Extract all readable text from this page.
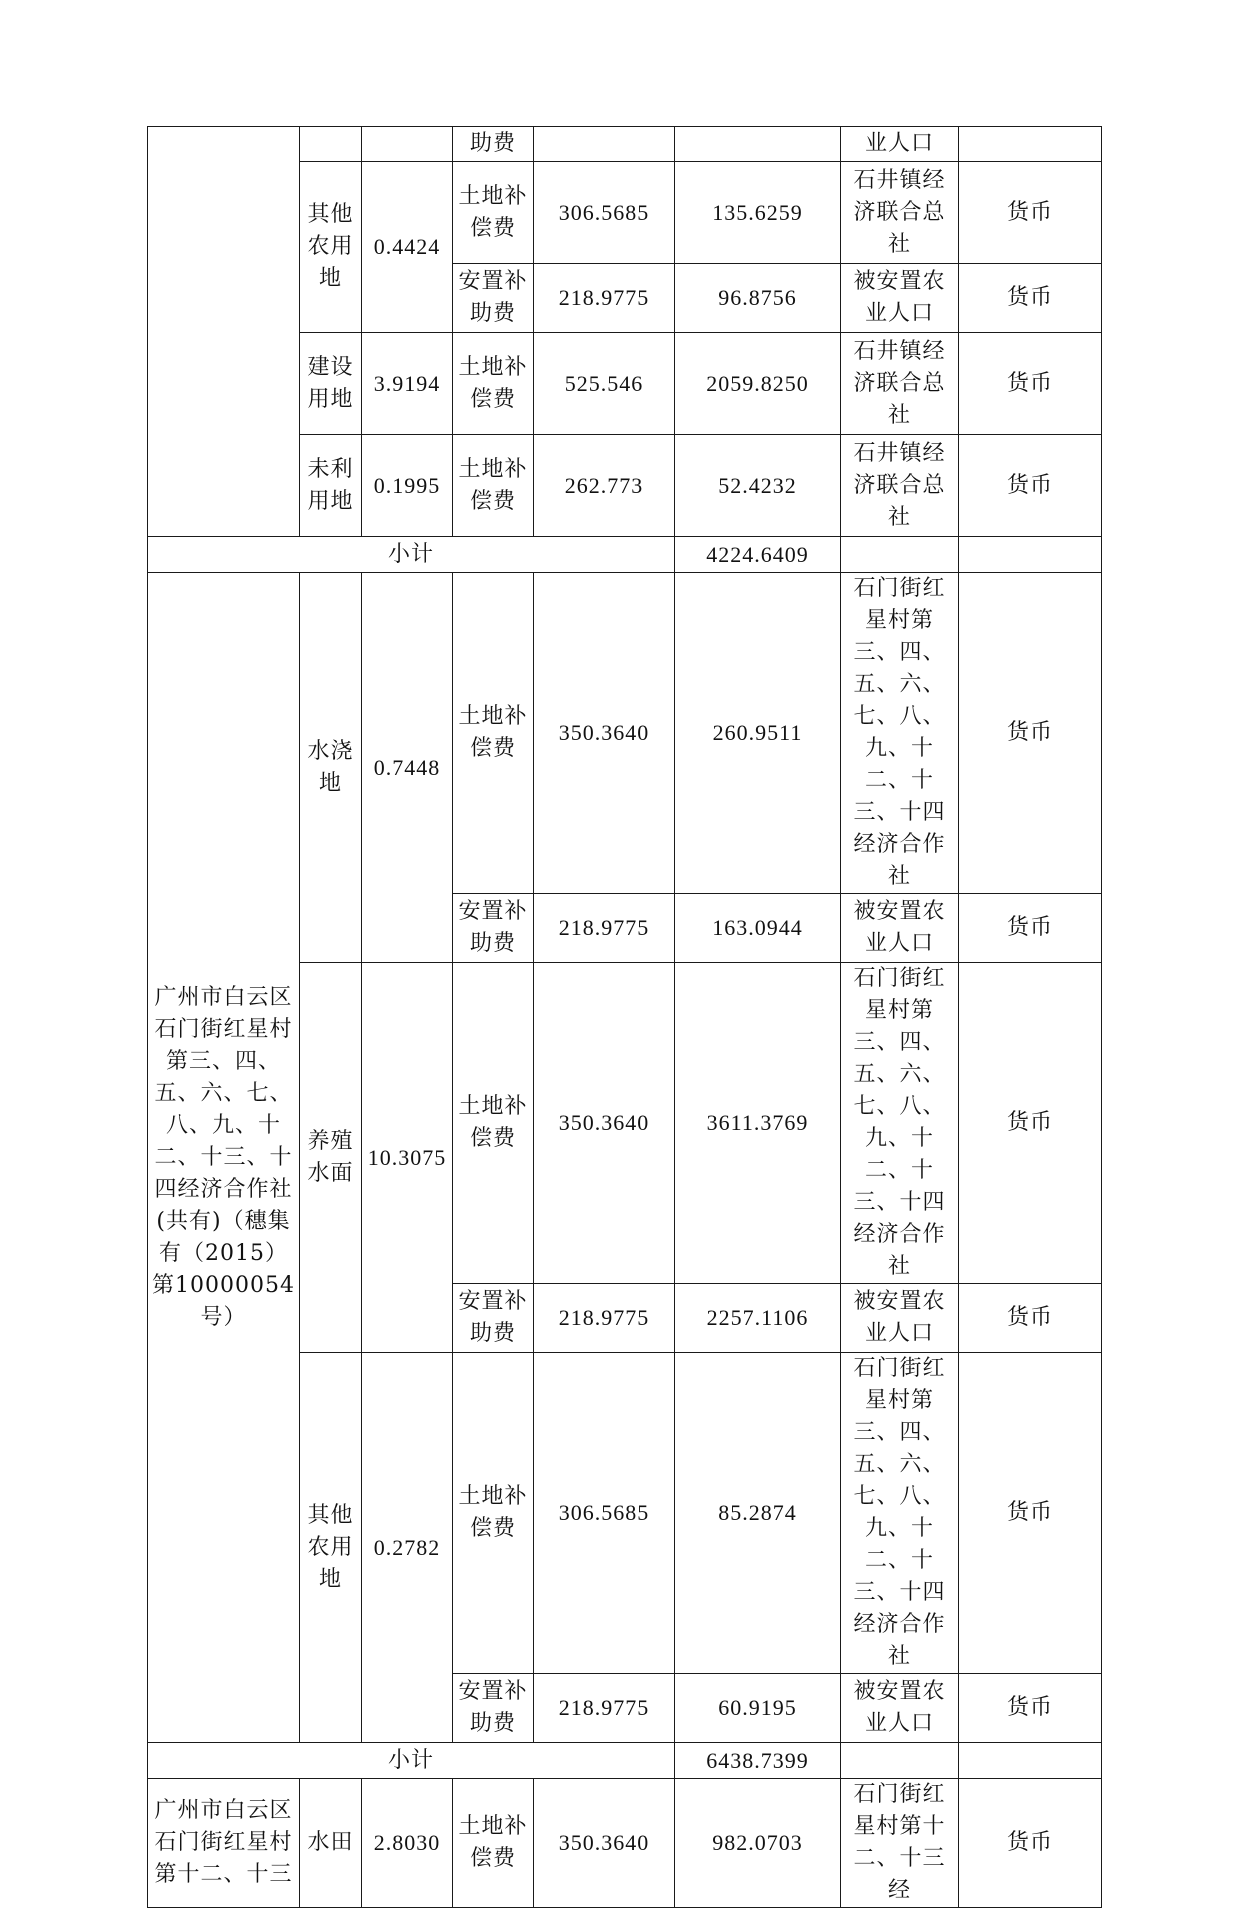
			助费			业人口	
	其他农用地	0.4424	土地补偿费	306.5685	135.6259	石井镇经济联合总社	货币
			安置补助费	218.9775	96.8756	被安置农业人口	货币
	建设用地	3.9194	土地补偿费	525.546	2059.8250	石井镇经济联合总社	货币
	未利用地	0.1995	土地补偿费	262.773	52.4232	石井镇经济联合总社	货币
小计					4224.6409		
广州市白云区石门街红星村第三、四、五、六、七、八、九、十二、十三、十四经济合作社(共有)（穗集有（2015）第10000054号）	水浇地	0.7448	土地补偿费	350.3640	260.9511	石门街红星村第三、四、五、六、七、八、九、十二、十三、十四经济合作社	货币
			安置补助费	218.9775	163.0944	被安置农业人口	货币
	养殖水面	10.3075	土地补偿费	350.3640	3611.3769	石门街红星村第三、四、五、六、七、八、九、十二、十三、十四经济合作社	货币
			安置补助费	218.9775	2257.1106	被安置农业人口	货币
	其他农用地	0.2782	土地补偿费	306.5685	85.2874	石门街红星村第三、四、五、六、七、八、九、十二、十三、十四经济合作社	货币
			安置补助费	218.9775	60.9195	被安置农业人口	货币
小计					6438.7399		
广州市白云区石门街红星村第十二、十三	水田	2.8030	土地补偿费	350.3640	982.0703	石门街红星村第十二、十三经	货币
